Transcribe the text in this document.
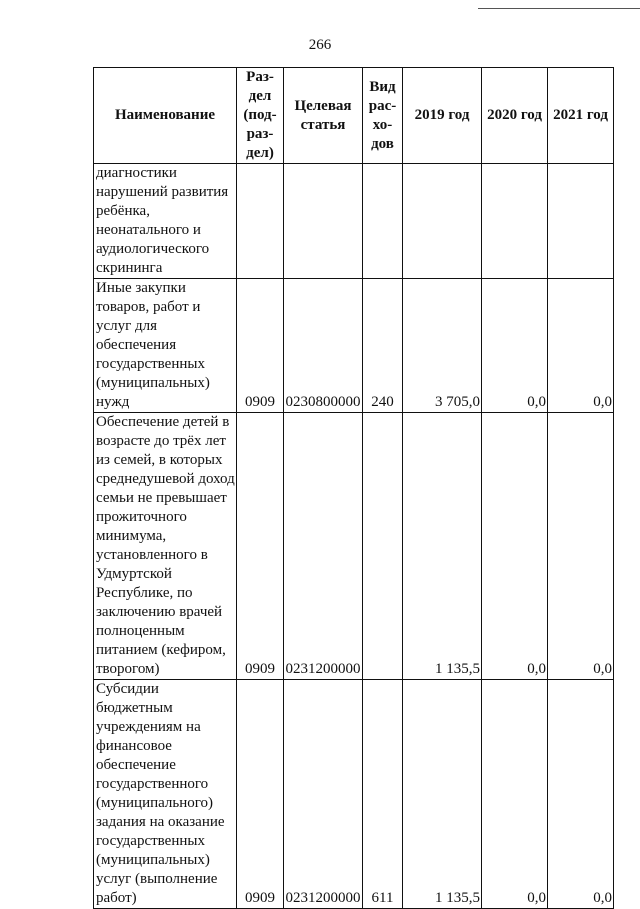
266
Наименование	Раз-дел (под-раз-дел)	Целевая статья	Вид рас-хо-дов	2019 год	2020 год	2021 год
диагностики нарушений развития ребёнка, неонатального и аудиологического скрининга						
Иные закупки товаров, работ и услуг для обеспечения государственных (муниципальных) нужд	0909	0230800000	240	3 705,0	0,0	0,0
Обеспечение детей в возрасте до трёх лет из семей, в которых среднедушевой доход семьи не превышает прожиточного минимума, установленного в Удмуртской Республике, по заключению врачей полноценным питанием (кефиром, творогом)	0909	0231200000		1 135,5	0,0	0,0
Субсидии бюджетным учреждениям на финансовое обеспечение государственного (муниципального) задания на оказание государственных (муниципальных) услуг (выполнение работ)	0909	0231200000	611	1 135,5	0,0	0,0
